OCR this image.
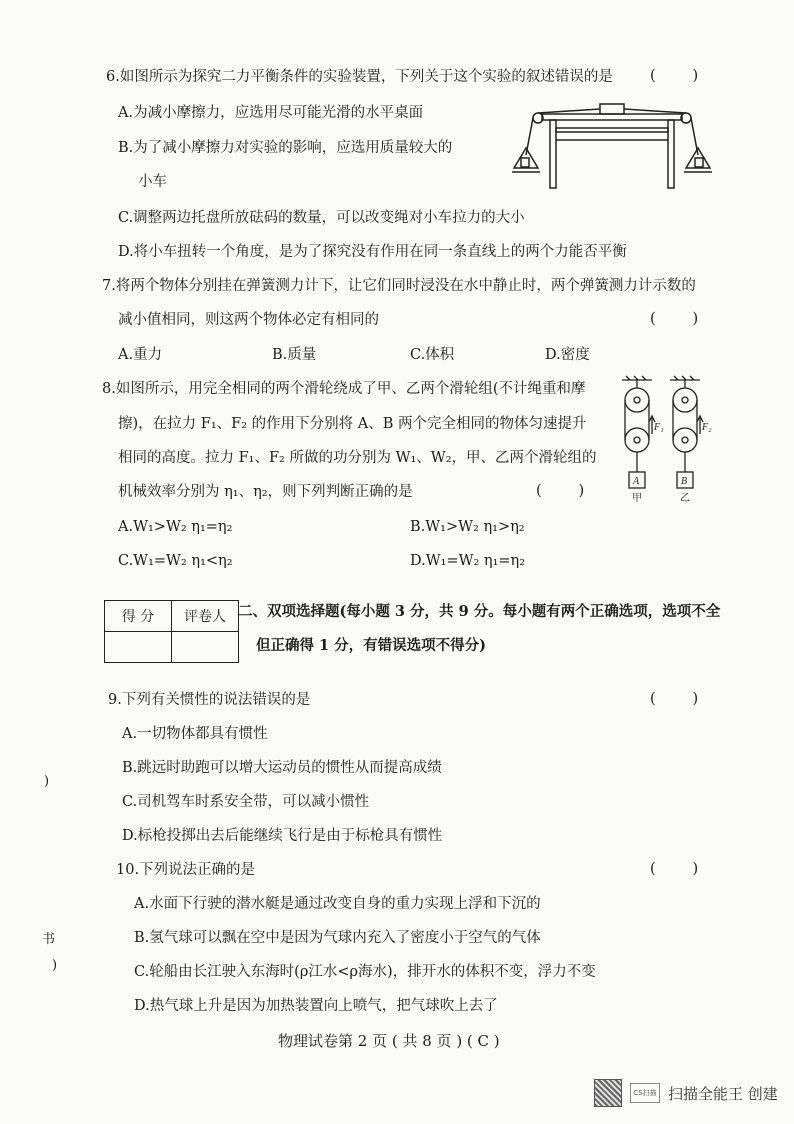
6.如图所示为探究二力平衡条件的实验装置，下列关于这个实验的叙述错误的是	(        )
A.为减小摩擦力，应选用尽可能光滑的水平桌面
B.为了减小摩擦力对实验的影响，应选用质量较大的
小车
C.调整两边托盘所放砝码的数量，可以改变绳对小车拉力的大小
D.将小车扭转一个角度，是为了探究没有作用在同一条直线上的两个力能否平衡
7.将两个物体分别挂在弹簧测力计下，让它们同时浸没在水中静止时，两个弹簧测力计示数的
减小值相同，则这两个物体必定有相同的	(        )
A.重力	B.质量	C.体积	D.密度
8.如图所示，用完全相同的两个滑轮绕成了甲、乙两个滑轮组(不计绳重和摩
擦)，在拉力 F₁、F₂ 的作用下分别将 A、B 两个完全相同的物体匀速提升
相同的高度。拉力 F₁、F₂ 所做的功分别为 W₁、W₂，甲、乙两个滑轮组的
机械效率分别为 η₁、η₂，则下列判断正确的是	(        )
A.W₁>W₂ η₁=η₂	B.W₁>W₂ η₁>η₂
C.W₁=W₂ η₁<η₂	D.W₁=W₂ η₁=η₂
F₁	F₂
A	B
甲	乙
得 分	评卷人
	二、双项选择题(每小题 3 分，共 9 分。每小题有两个正确选项，选项不全
但正确得 1 分，有错误选项不得分)
9.下列有关惯性的说法错误的是	(        )
A.一切物体都具有惯性
B.跳远时助跑可以增大运动员的惯性从而提高成绩
C.司机驾车时系安全带，可以减小惯性
D.标枪投掷出去后能继续飞行是由于标枪具有惯性
10.下列说法正确的是	(        )
A.水面下行驶的潜水艇是通过改变自身的重力实现上浮和下沉的
B.氢气球可以飘在空中是因为气球内充入了密度小于空气的气体
C.轮船由长江驶入东海时(ρ江水<ρ海水)，排开水的体积不变，浮力不变
D.热气球上升是因为加热装置向上喷气，把气球吹上去了
)
书
)
物理试卷第 2 页 ( 共 8 页 ) ( C )
CS扫描 扫描全能王 创建
